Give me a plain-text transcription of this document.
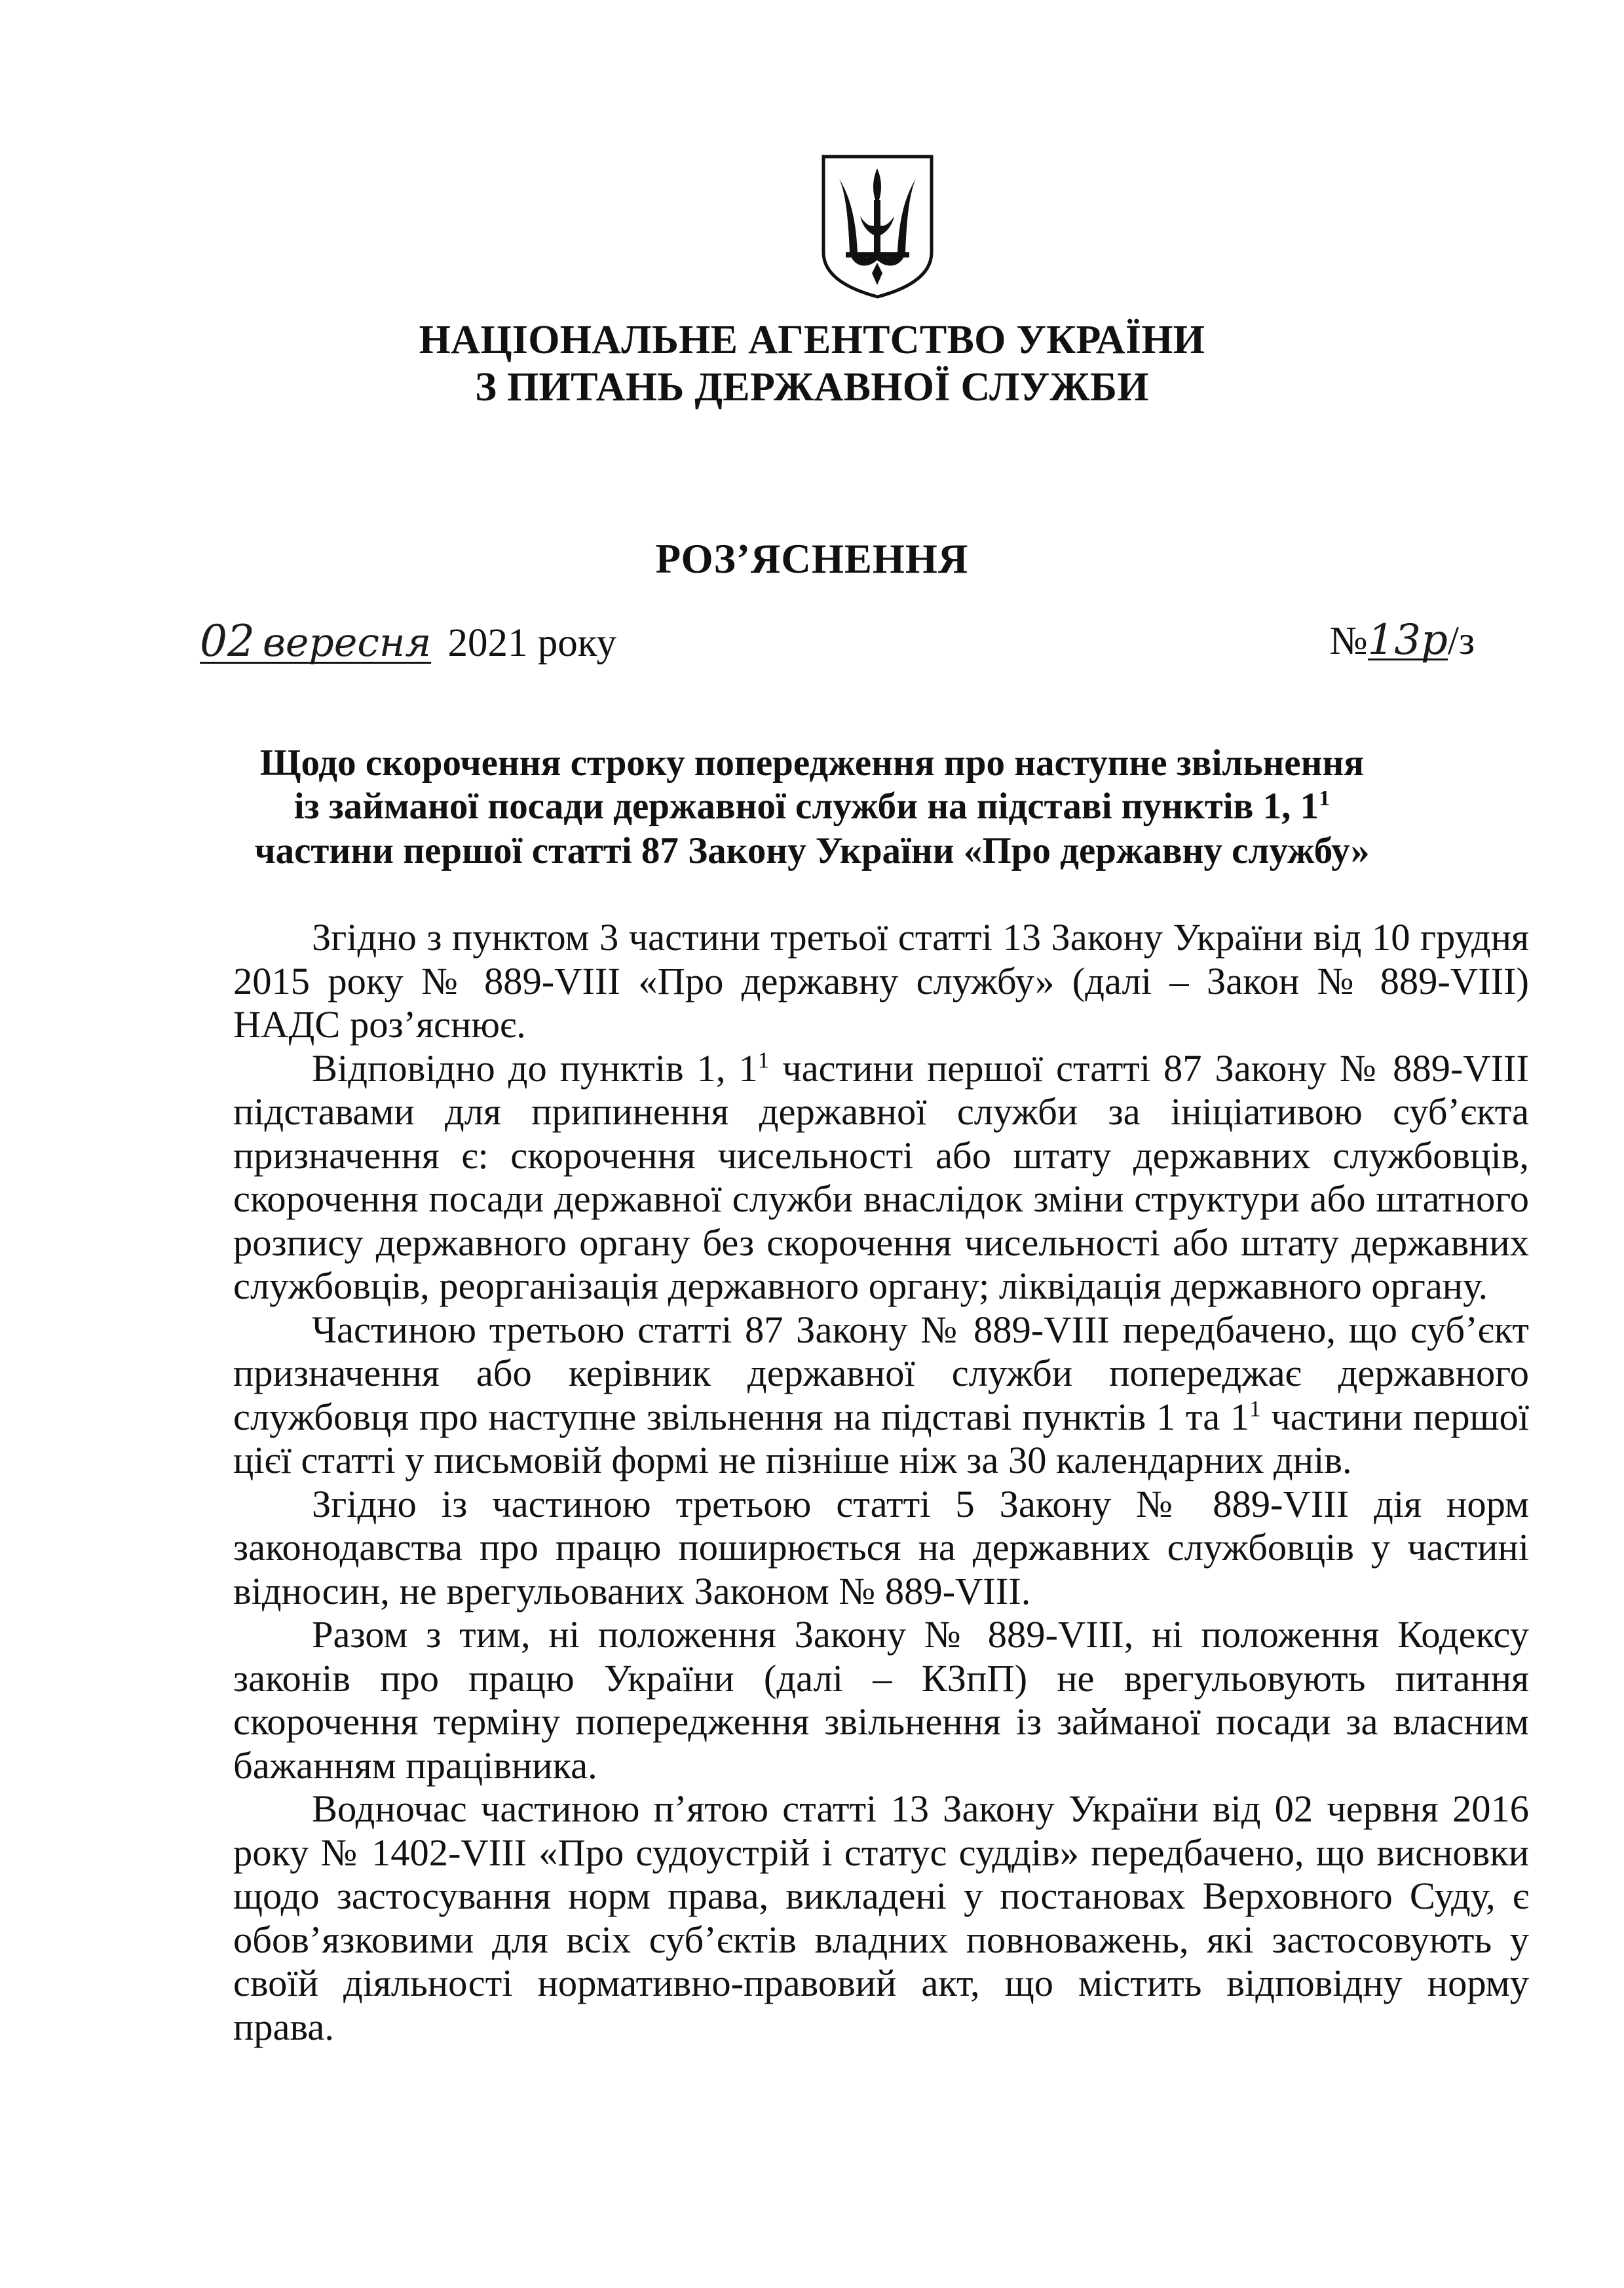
НАЦІОНАЛЬНЕ АГЕНТСТВО УКРАЇНИ
З ПИТАНЬ ДЕРЖАВНОЇ СЛУЖБИ
РОЗ’ЯСНЕННЯ
02 вересня 2021 року	№13р/з
Щодо скорочення строку попередження про наступне звільнення
із займаної посади державної служби на підставі пунктів 1, $1^1$
частини першої статті 87 Закону України «Про державну службу»

Згідно з пунктом 3 частини третьої статті 13 Закону України від 10 грудня 2015 року № 889-VIII «Про державну службу» (далі – Закон № 889-VIII) НАДС роз’яснює.

Відповідно до пунктів 1, $1^1$ частини першої статті 87 Закону № 889-VIII підставами для припинення державної служби за ініціативою суб’єкта призначення є: скорочення чисельності або штату державних службовців, скорочення посади державної служби внаслідок зміни структури або штатного розпису державного органу без скорочення чисельності або штату державних службовців, реорганізація державного органу; ліквідація державного органу.

Частиною третьою статті 87 Закону № 889-VIII передбачено, що суб’єкт призначення або керівник державної служби попереджає державного службовця про наступне звільнення на підставі пунктів 1 та $1^1$ частини першої цієї статті у письмовій формі не пізніше ніж за 30 календарних днів.

Згідно із частиною третьою статті 5 Закону № 889-VIII дія норм законодавства про працю поширюється на державних службовців у частині відносин, не врегульованих Законом № 889-VIII.

Разом з тим, ні положення Закону № 889-VIII, ні положення Кодексу законів про працю України (далі – КЗпП) не врегульовують питання скорочення терміну попередження звільнення із займаної посади за власним бажанням працівника.

Водночас частиною п’ятою статті 13 Закону України від 02 червня 2016 року № 1402-VIII «Про судоустрій і статус суддів» передбачено, що висновки щодо застосування норм права, викладені у постановах Верховного Суду, є обов’язковими для всіх суб’єктів владних повноважень, які застосовують у своїй діяльності нормативно-правовий акт, що містить відповідну норму права.
